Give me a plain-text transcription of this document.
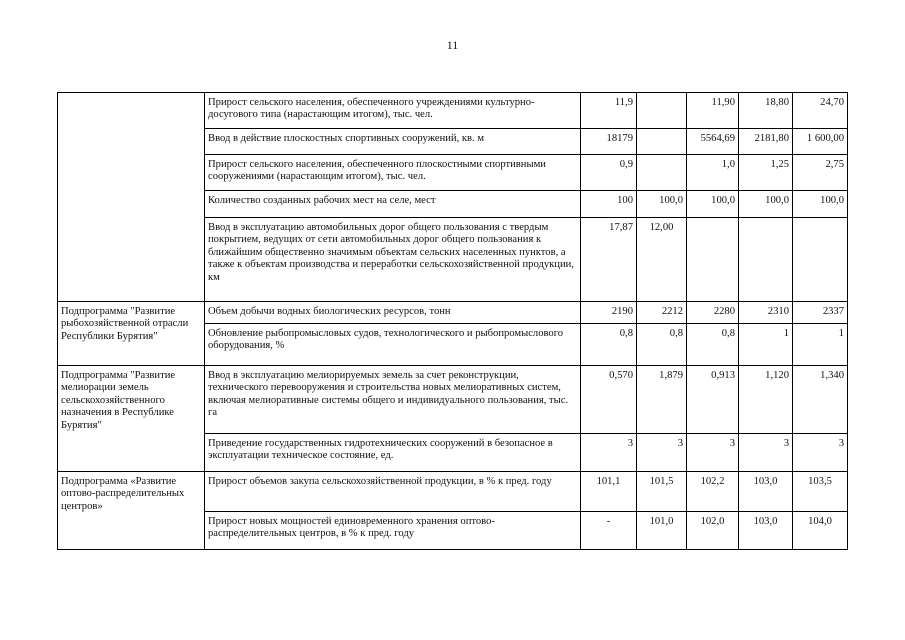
11
	Прирост сельского населения, обеспеченного учреждениями культурно-досугового типа (нарастающим итогом), тыс. чел.	11,9		11,90	18,80	24,70
	Ввод в действие плоскостных спортивных сооружений, кв. м	18179		5564,69	2181,80	1 600,00
	Прирост сельского населения, обеспеченного плоскостными спортивными сооружениями (нарастающим итогом), тыс. чел.	0,9		1,0	1,25	2,75
	Количество созданных рабочих мест на селе, мест	100	100,0	100,0	100,0	100,0
	Ввод в эксплуатацию автомобильных дорог общего пользования с твердым покрытием, ведущих от сети автомобильных дорог общего пользования к ближайшим общественно значимым объектам сельских населенных пунктов, а также к объектам производства и переработки сельскохозяйственной продукции, км	17,87	12,00			
Подпрограмма "Развитие рыбохозяйственной отрасли Республики Бурятия"	Объем добычи водных биологических ресурсов, тонн	2190	2212	2280	2310	2337
	Обновление рыбопромысловых судов, технологического и рыбопромыслового оборудования, %	0,8	0,8	0,8	1	1
Подпрограмма "Развитие мелиорации земель сельскохозяйственного назначения в Республике Бурятия"	Ввод в эксплуатацию мелиорируемых земель за счет реконструкции, технического перевооружения и строительства новых мелиоративных систем, включая мелиоративные системы общего и индивидуального пользования, тыс. га	0,570	1,879	0,913	1,120	1,340
	Приведение государственных гидротехнических сооружений в безопасное в эксплуатации техническое состояние, ед.	3	3	3	3	3
Подпрограмма «Развитие оптово-распределительных центров»	Прирост объемов закупа сельскохозяйственной продукции, в % к пред. году	101,1	101,5	102,2	103,0	103,5
	Прирост новых мощностей единовременного хранения оптово-распределительных центров, в % к пред. году	-	101,0	102,0	103,0	104,0
